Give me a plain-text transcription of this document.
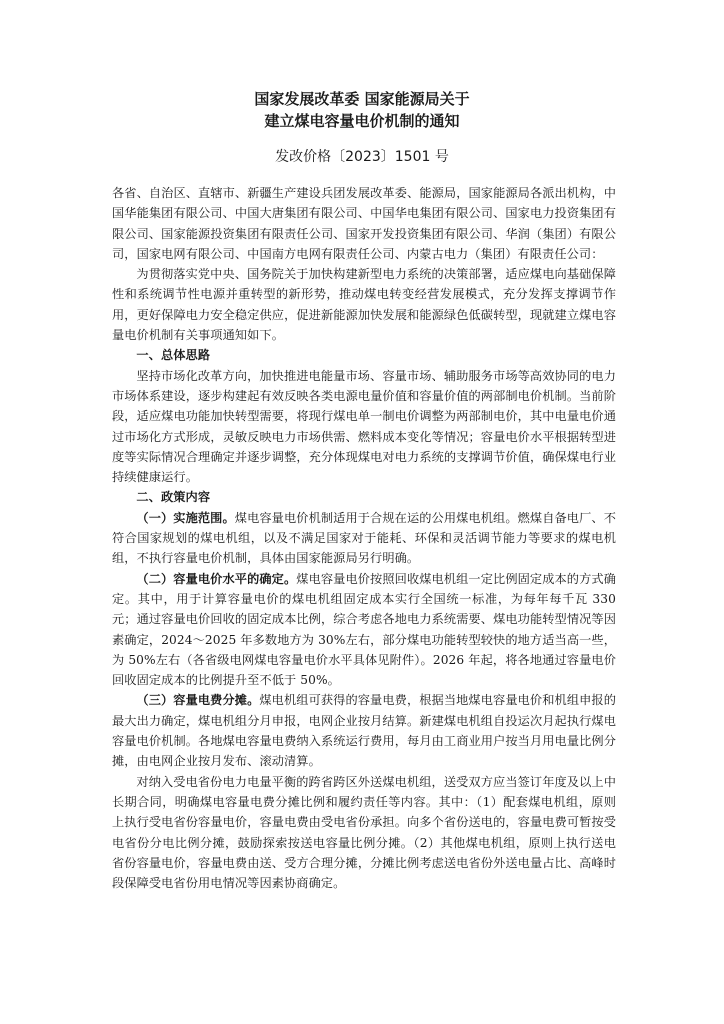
国家发展改革委 国家能源局关于

建立煤电容量电价机制的通知

发改价格〔2023〕1501 号

各省、自治区、直辖市、新疆生产建设兵团发展改革委、能源局，国家能源局各派出机构，中国华能集团有限公司、中国大唐集团有限公司、中国华电集团有限公司、国家电力投资集团有限公司、国家能源投资集团有限责任公司、国家开发投资集团有限公司、华润（集团）有限公司，国家电网有限公司、中国南方电网有限责任公司、内蒙古电力（集团）有限责任公司：

为贯彻落实党中央、国务院关于加快构建新型电力系统的决策部署，适应煤电向基础保障性和系统调节性电源并重转型的新形势，推动煤电转变经营发展模式，充分发挥支撑调节作用，更好保障电力安全稳定供应，促进新能源加快发展和能源绿色低碳转型，现就建立煤电容量电价机制有关事项通知如下。

一、总体思路

坚持市场化改革方向，加快推进电能量市场、容量市场、辅助服务市场等高效协同的电力市场体系建设，逐步构建起有效反映各类电源电量价值和容量价值的两部制电价机制。当前阶段，适应煤电功能加快转型需要，将现行煤电单一制电价调整为两部制电价，其中电量电价通过市场化方式形成，灵敏反映电力市场供需、燃料成本变化等情况；容量电价水平根据转型进度等实际情况合理确定并逐步调整，充分体现煤电对电力系统的支撑调节价值，确保煤电行业持续健康运行。

二、政策内容

（一）实施范围。煤电容量电价机制适用于合规在运的公用煤电机组。燃煤自备电厂、不符合国家规划的煤电机组，以及不满足国家对于能耗、环保和灵活调节能力等要求的煤电机组，不执行容量电价机制，具体由国家能源局另行明确。

（二）容量电价水平的确定。煤电容量电价按照回收煤电机组一定比例固定成本的方式确定。其中，用于计算容量电价的煤电机组固定成本实行全国统一标准，为每年每千瓦 330 元；通过容量电价回收的固定成本比例，综合考虑各地电力系统需要、煤电功能转型情况等因素确定，2024～2025 年多数地方为 30%左右，部分煤电功能转型较快的地方适当高一些，为 50%左右（各省级电网煤电容量电价水平具体见附件）。2026 年起，将各地通过容量电价回收固定成本的比例提升至不低于 50%。

（三）容量电费分摊。煤电机组可获得的容量电费，根据当地煤电容量电价和机组申报的最大出力确定，煤电机组分月申报，电网企业按月结算。新建煤电机组自投运次月起执行煤电容量电价机制。各地煤电容量电费纳入系统运行费用，每月由工商业用户按当月用电量比例分摊，由电网企业按月发布、滚动清算。

对纳入受电省份电力电量平衡的跨省跨区外送煤电机组，送受双方应当签订年度及以上中长期合同，明确煤电容量电费分摊比例和履约责任等内容。其中：（1）配套煤电机组，原则上执行受电省份容量电价，容量电费由受电省份承担。向多个省份送电的，容量电费可暂按受电省份分电比例分摊，鼓励探索按送电容量比例分摊。（2）其他煤电机组，原则上执行送电省份容量电价，容量电费由送、受方合理分摊，分摊比例考虑送电省份外送电量占比、高峰时段保障受电省份用电情况等因素协商确定。
